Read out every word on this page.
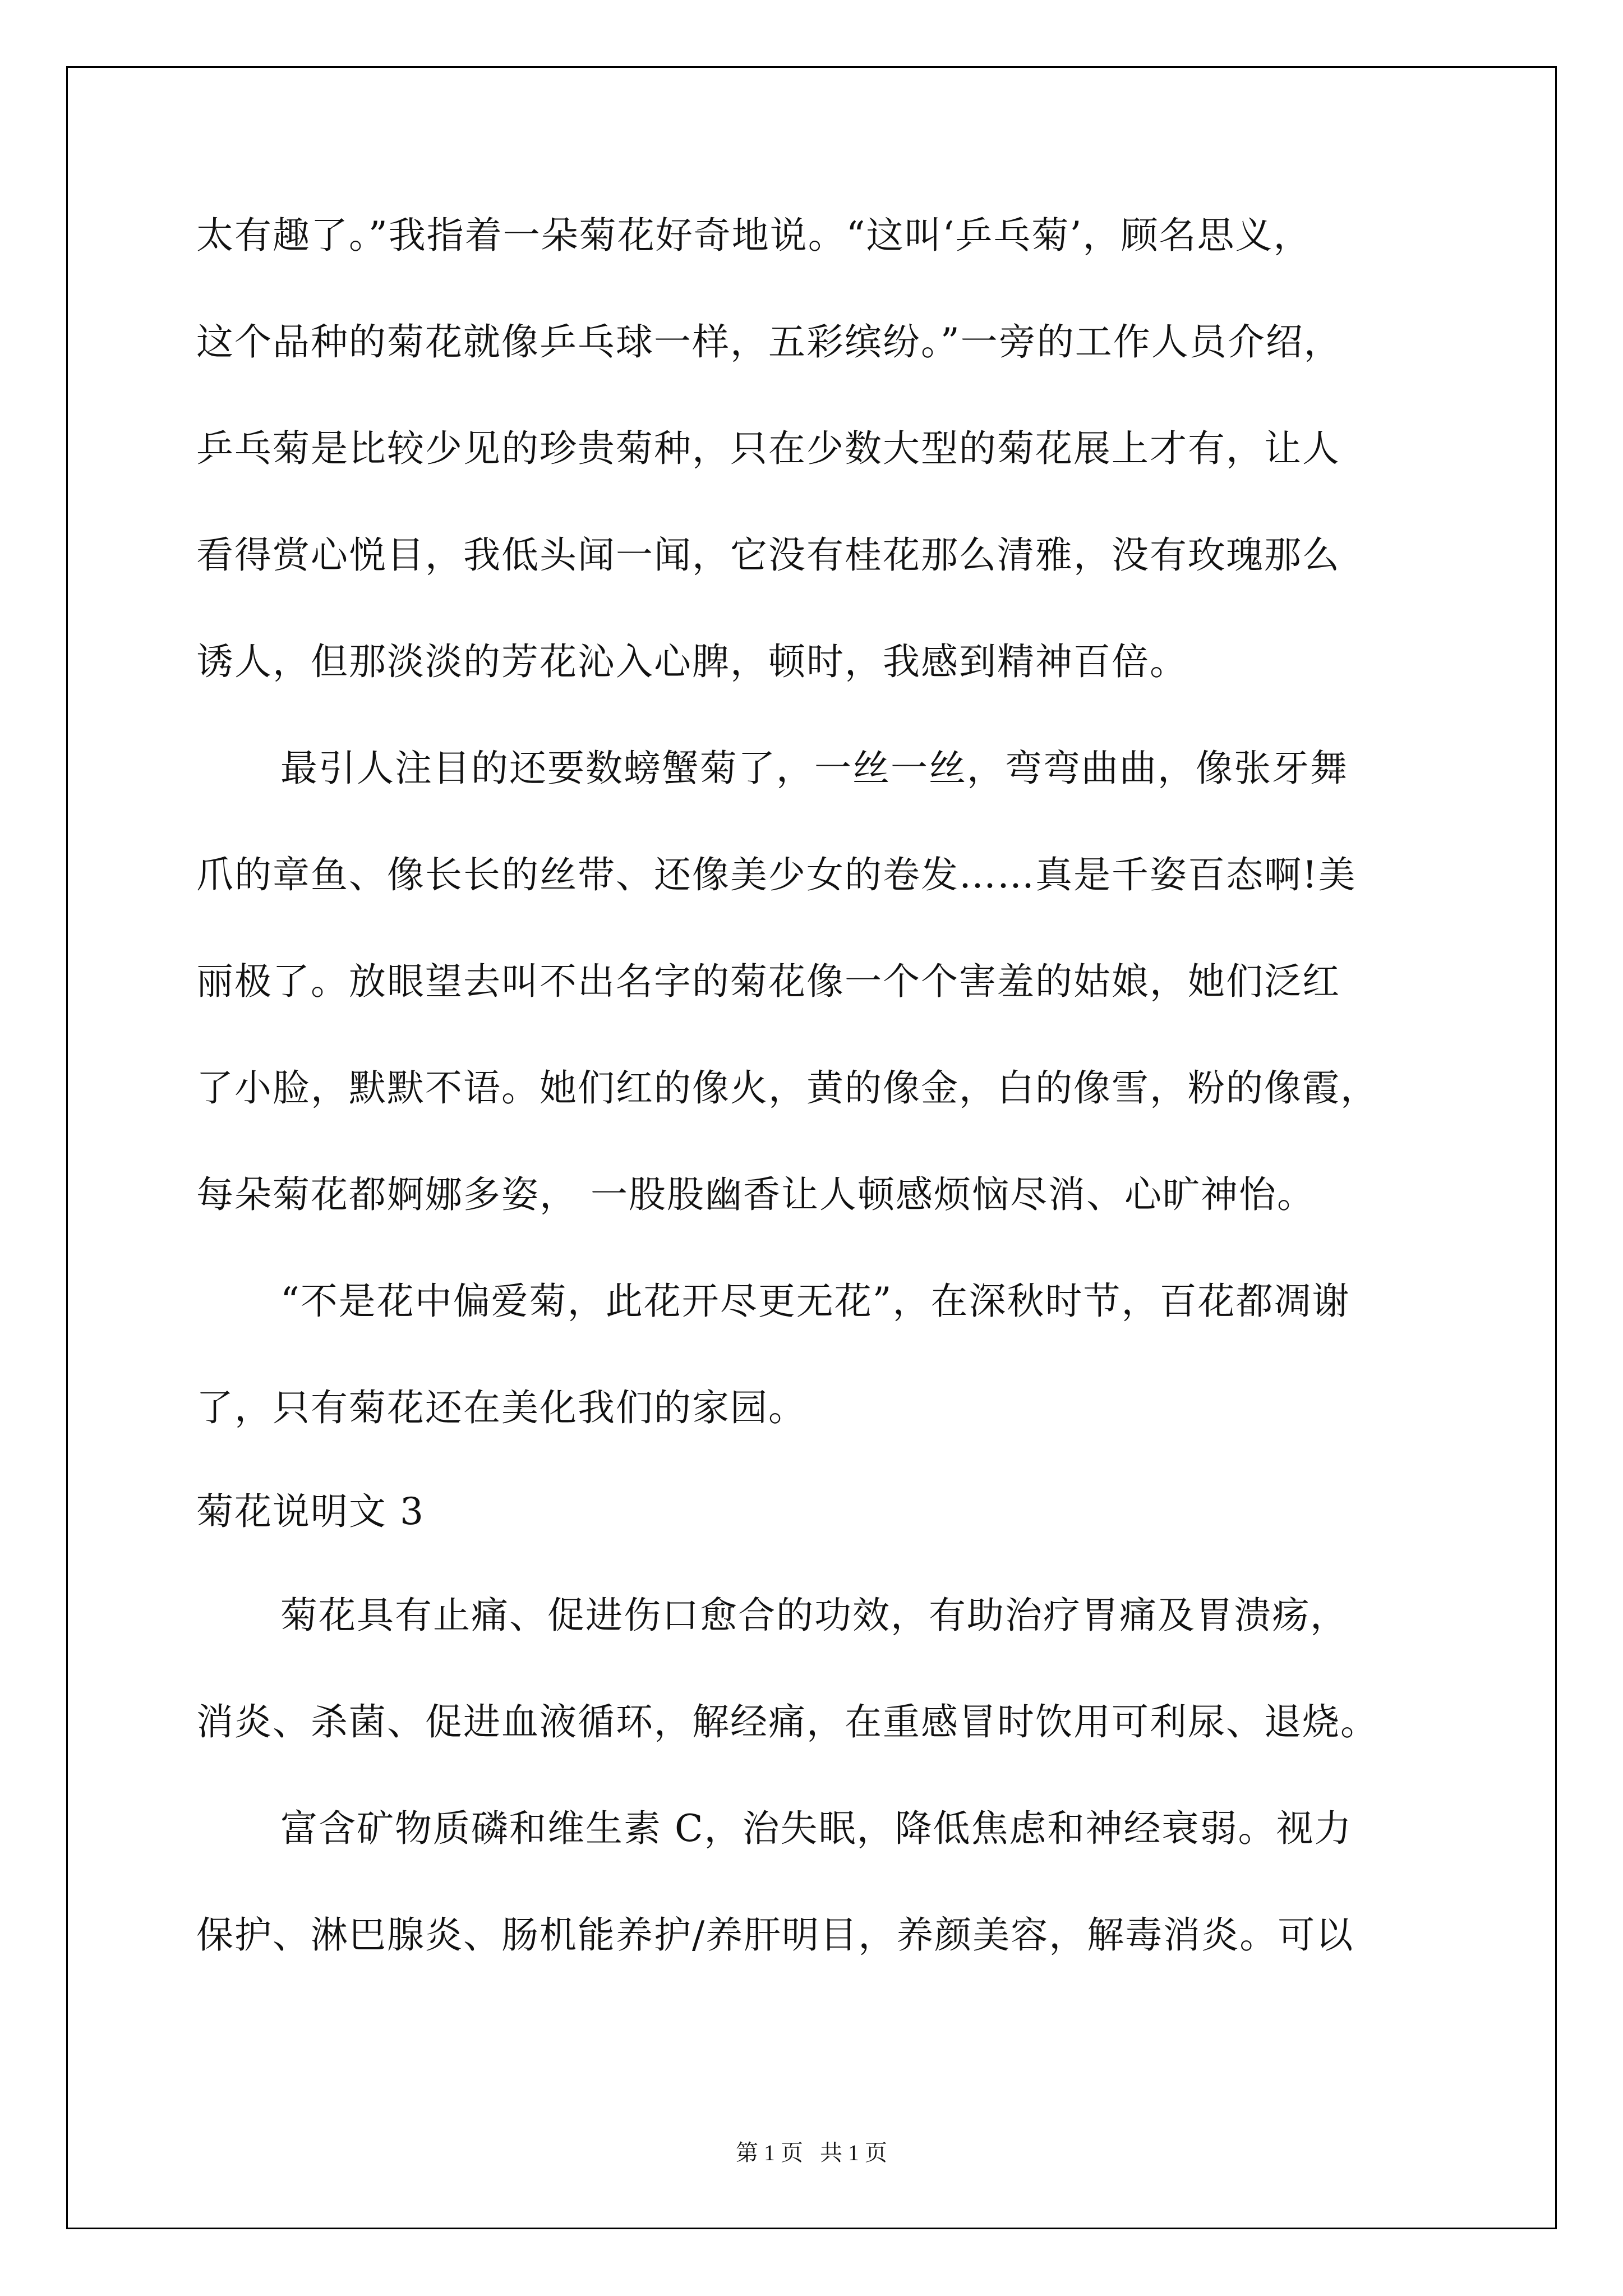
太有趣了。”我指着一朵菊花好奇地说。“这叫‘乒乓菊’，顾名思义，
这个品种的菊花就像乒乓球一样，五彩缤纷。”一旁的工作人员介绍，
乒乓菊是比较少见的珍贵菊种，只在少数大型的菊花展上才有，让人
看得赏心悦目，我低头闻一闻，它没有桂花那么清雅，没有玫瑰那么
诱人，但那淡淡的芳花沁入心脾，顿时，我感到精神百倍。
最引人注目的还要数螃蟹菊了，一丝一丝，弯弯曲曲，像张牙舞
爪的章鱼、像长长的丝带、还像美少女的卷发……真是千姿百态啊!美
丽极了。放眼望去叫不出名字的菊花像一个个害羞的姑娘，她们泛红
了小脸，默默不语。她们红的像火，黄的像金，白的像雪，粉的像霞，
每朵菊花都婀娜多姿， 一股股幽香让人顿感烦恼尽消、心旷神怡。
“不是花中偏爱菊，此花开尽更无花”，在深秋时节，百花都凋谢
了，只有菊花还在美化我们的家园。
菊花说明文 3
菊花具有止痛、促进伤口愈合的功效，有助治疗胃痛及胃溃疡，
消炎、杀菌、促进血液循环，解经痛，在重感冒时饮用可利尿、退烧。
富含矿物质磷和维生素 C，治失眠，降低焦虑和神经衰弱。视力
保护、淋巴腺炎、肠机能养护/养肝明目，养颜美容，解毒消炎。可以
第 1 页   共 1 页
